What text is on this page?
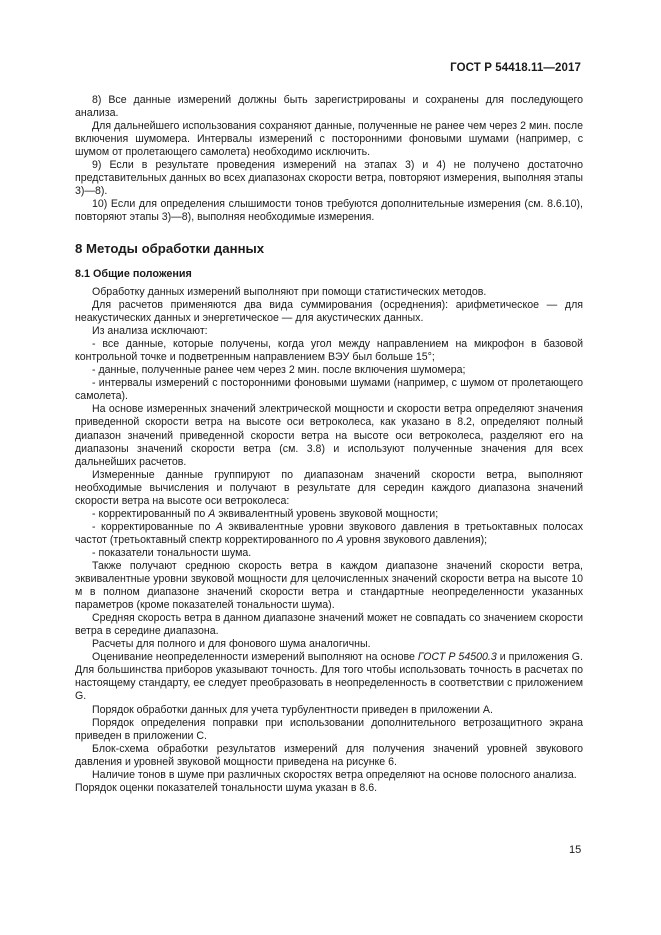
ГОСТ Р 54418.11—2017

8) Все данные измерений должны быть зарегистрированы и сохранены для последующего анализа.

Для дальнейшего использования сохраняют данные, полученные не ранее чем через 2 мин. после включения шумомера. Интервалы измерений с посторонними фоновыми шумами (например, с шумом от пролетающего самолета) необходимо исключить.

9) Если в результате проведения измерений на этапах 3) и 4) не получено достаточно представительных данных во всех диапазонах скорости ветра, повторяют измерения, выполняя этапы 3)—8).

10) Если для определения слышимости тонов требуются дополнительные измерения (см. 8.6.10), повторяют этапы 3)—8), выполняя необходимые измерения.

8 Методы обработки данных
8.1 Общие положения

Обработку данных измерений выполняют при помощи статистических методов.

Для расчетов применяются два вида суммирования (осреднения): арифметическое — для неакустических данных и энергетическое — для акустических данных.

Из анализа исключают:

- все данные, которые получены, когда угол между направлением на микрофон в базовой контрольной точке и подветренным направлением ВЭУ был больше 15°;

- данные, полученные ранее чем через 2 мин. после включения шумомера;

- интервалы измерений с посторонними фоновыми шумами (например, с шумом от пролетающего самолета).

На основе измеренных значений электрической мощности и скорости ветра определяют значения приведенной скорости ветра на высоте оси ветроколеса, как указано в 8.2, определяют полный диапазон значений приведенной скорости ветра на высоте оси ветроколеса, разделяют его на диапазоны значений скорости ветра (см. 3.8) и используют полученные значения для всех дальнейших расчетов.

Измеренные данные группируют по диапазонам значений скорости ветра, выполняют необходимые вычисления и получают в результате для середин каждого диапазона значений скорости ветра на высоте оси ветроколеса:

- корректированный по А эквивалентный уровень звуковой мощности;

- корректированные по А эквивалентные уровни звукового давления в третьоктавных полосах частот (третьоктавный спектр корректированного по А уровня звукового давления);

- показатели тональности шума.

Также получают среднюю скорость ветра в каждом диапазоне значений скорости ветра, эквивалентные уровни звуковой мощности для целочисленных значений скорости ветра на высоте 10 м в полном диапазоне значений скорости ветра и стандартные неопределенности указанных параметров (кроме показателей тональности шума).

Средняя скорость ветра в данном диапазоне значений может не совпадать со значением скорости ветра в середине диапазона.

Расчеты для полного и для фонового шума аналогичны.

Оценивание неопределенности измерений выполняют на основе ГОСТ Р 54500.3 и приложения G. Для большинства приборов указывают точность. Для того чтобы использовать точность в расчетах по настоящему стандарту, ее следует преобразовать в неопределенность в соответствии с приложением G.

Порядок обработки данных для учета турбулентности приведен в приложении А.

Порядок определения поправки при использовании дополнительного ветрозащитного экрана приведен в приложении С.

Блок-схема обработки результатов измерений для получения значений уровней звукового давления и уровней звуковой мощности приведена на рисунке 6.

Наличие тонов в шуме при различных скоростях ветра определяют на основе полосного анализа.

Порядок оценки показателей тональности шума указан в 8.6.

15
